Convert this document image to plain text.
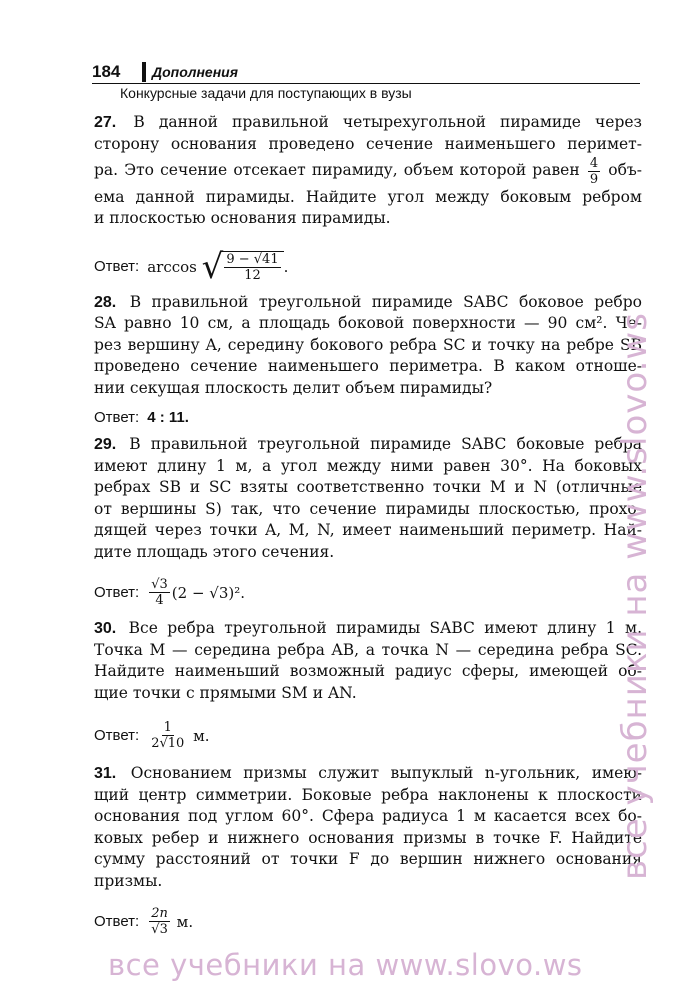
184	Дополнения
Конкурсные задачи для поступающих в вузы

27. В данной правильной четырехугольной пирамиде через

сторону основания проведено сечение наименьшего перимет-

ра. Это сечение отсекает пирамиду, объем которой равен $\frac{4}{9} объ-$

ема данной пирамиды. Найдите угол между боковым ребром

и плоскостью основания пирамиды.

Ответ: arccos
√ $\frac{9 - √41}{12}$ .

28. В правильной треугольной пирамиде SABC боковое ребро

SA равно 10 см, а площадь боковой поверхности — 90 см². Че-

рез вершину A, середину бокового ребра SC и точку на ребре SB

проведено сечение наименьшего периметра. В каком отноше-

нии секущая плоскость делит объем пирамиды?

Ответ: 4 : 11.

29. В правильной треугольной пирамиде SABC боковые ребра

имеют длину 1 м, а угол между ними равен 30°. На боковых

ребрах SB и SC взяты соответственно точки M и N (отличные

от вершины S) так, что сечение пирамиды плоскостью, прохо-

дящей через точки A, M, N, имеет наименьший периметр. Най-

дите площадь этого сечения.

Ответ: $\frac{√3}{4} (2 - √3)^2$.

30. Все ребра треугольной пирамиды SABC имеют длину 1 м.

Точка M — середина ребра AB, а точка N — середина ребра SC.

Найдите наименьший возможный радиус сферы, имеющей об-

щие точки с прямыми SM и AN.

Ответ: $\frac{1}{2√10}$
м.

31. Основанием призмы служит выпуклый n-угольник, имею-

щий центр симметрии. Боковые ребра наклонены к плоскости

основания под углом 60°. Сфера радиуса 1 м касается всех бо-

ковых ребер и нижнего основания призмы в точке F. Найдите

сумму расстояний от точки F до вершин нижнего основания

призмы.

Ответ: $\frac{2n}{√3}$
м.
все учебники на www.slovo.ws
все учебники на www.slovo.ws
